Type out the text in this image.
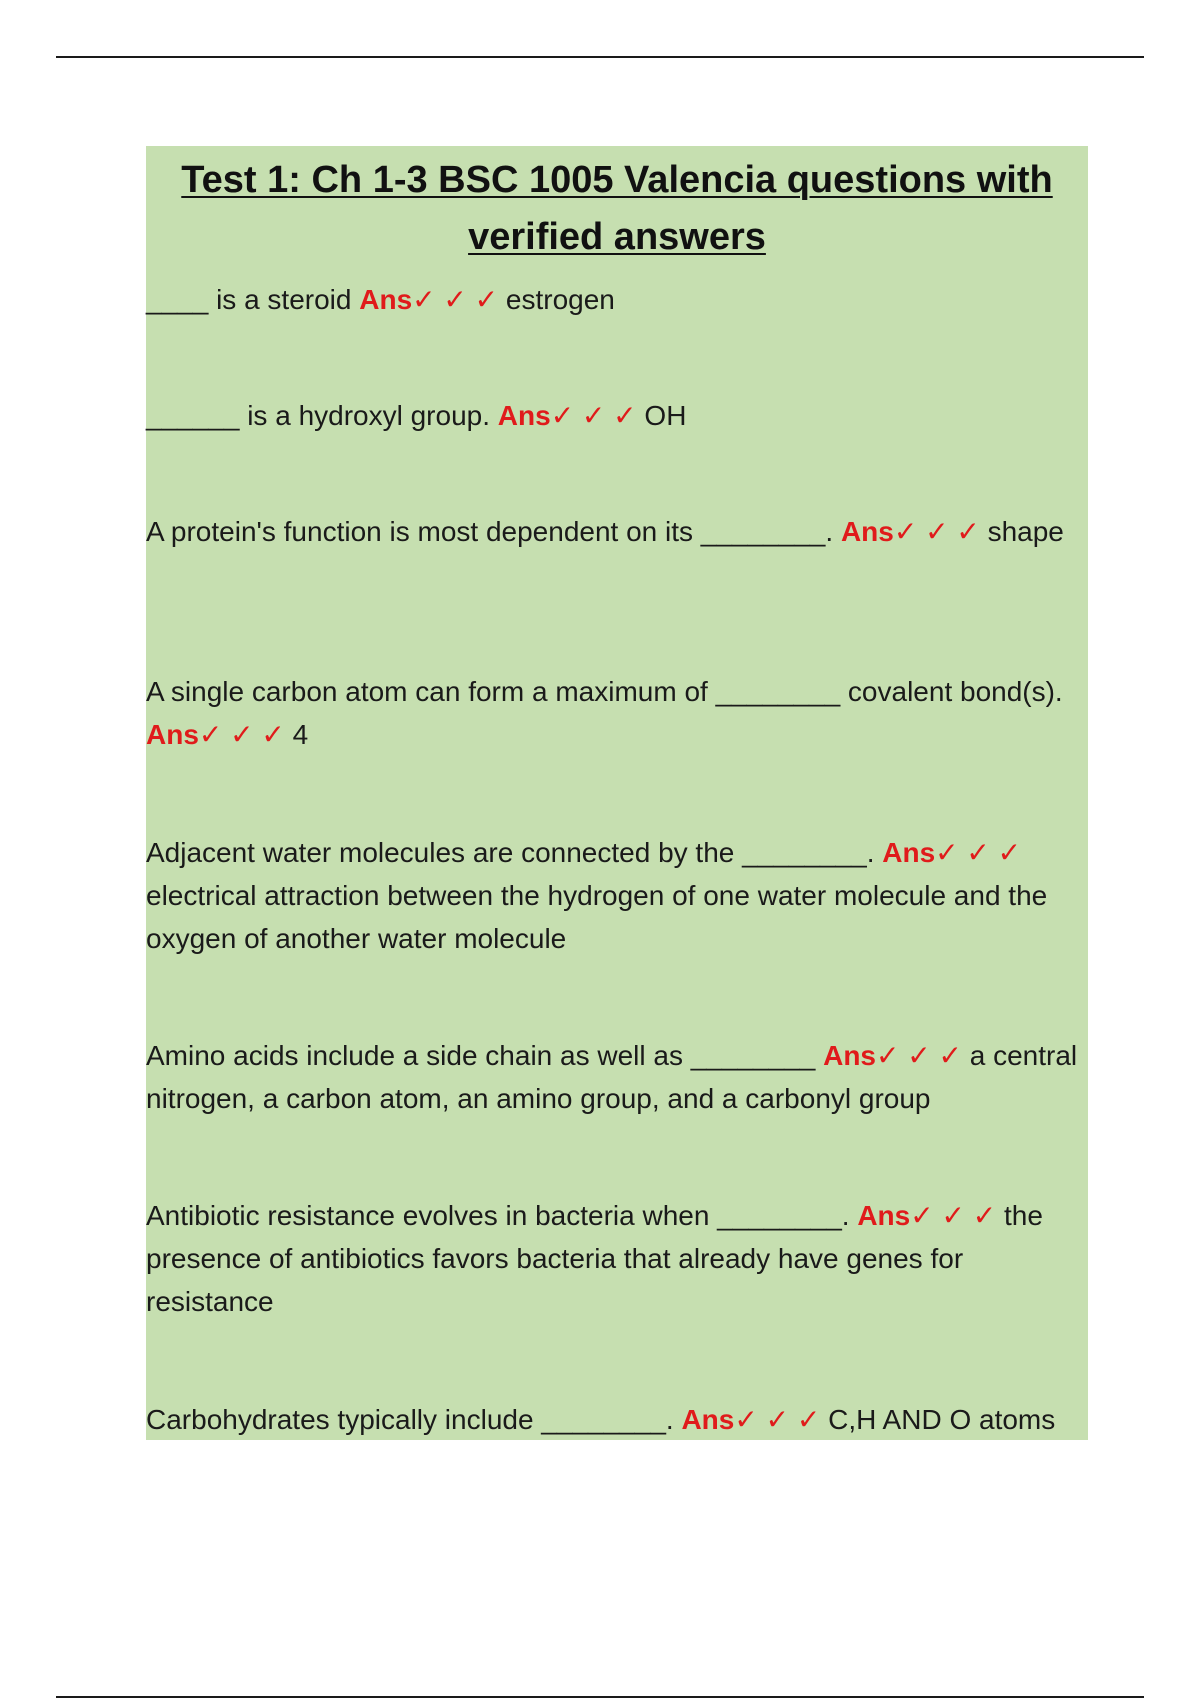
Test 1: Ch 1-3 BSC 1005 Valencia questions with verified answers

____ is a steroid Ans✓ ✓ ✓ estrogen

______ is a hydroxyl group. Ans✓ ✓ ✓ OH

A protein's function is most dependent on its ________. Ans✓ ✓ ✓ shape

A single carbon atom can form a maximum of ________ covalent bond(s). Ans✓ ✓ ✓ 4

Adjacent water molecules are connected by the ________. Ans✓ ✓ ✓ electrical attraction between the hydrogen of one water molecule and the oxygen of another water molecule

Amino acids include a side chain as well as ________ Ans✓ ✓ ✓ a central nitrogen, a carbon atom, an amino group, and a carbonyl group

Antibiotic resistance evolves in bacteria when ________. Ans✓ ✓ ✓ the presence of antibiotics favors bacteria that already have genes for resistance

Carbohydrates typically include ________. Ans✓ ✓ ✓ C,H AND O atoms
